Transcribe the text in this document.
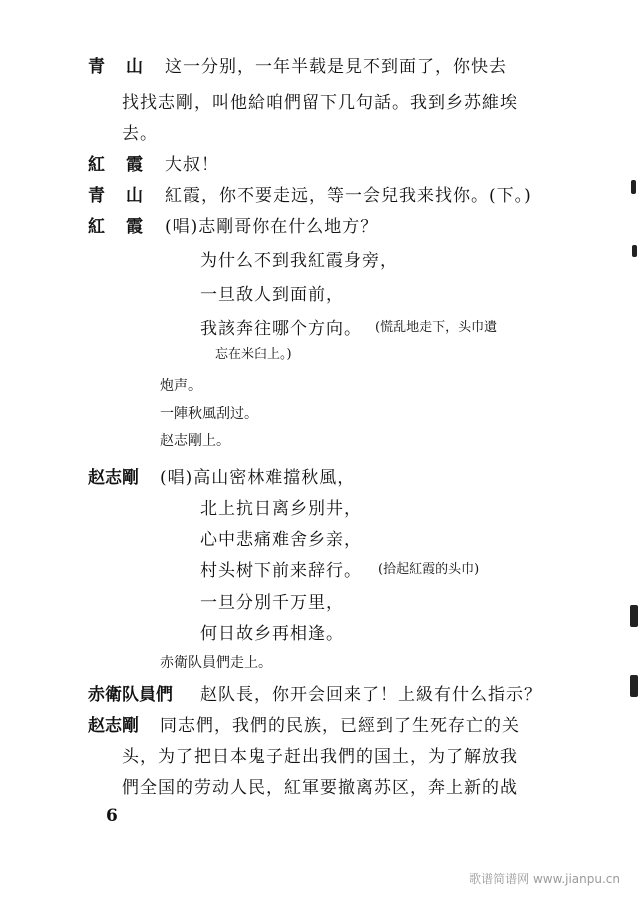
青　山	这一分别，一年半载是見不到面了，你快去
找找志剛，叫他給咱們留下几句話。我到乡苏維埃
去。
紅　霞	大叔！
青　山	紅霞，你不要走远，等一会兒我来找你。(下。)
紅　霞	(唱)志剛哥你在什么地方？
为什么不到我紅霞身旁，
一旦敌人到面前，
我該奔往哪个方向。 (慌乱地走下，头巾遺
忘在米臼上。)
炮声。
一陣秋風刮过。
赵志剛上。
赵志剛	(唱)高山密林难擋秋風，
北上抗日离乡別井，
心中悲痛难舍乡亲，
村头树下前来辞行。 (拾起紅霞的头巾)
一旦分別千万里，
何日故乡再相逢。
赤衛队員們走上。
赤衛队員們	赵队長，你开会回来了！上級有什么指示？
赵志剛	同志們，我們的民族，已經到了生死存亡的关
头，为了把日本鬼子赶出我們的国土，为了解放我
們全国的劳动人民，紅軍要撤离苏区，奔上新的战
6
歌谱简谱网 www.jianpu.cn
